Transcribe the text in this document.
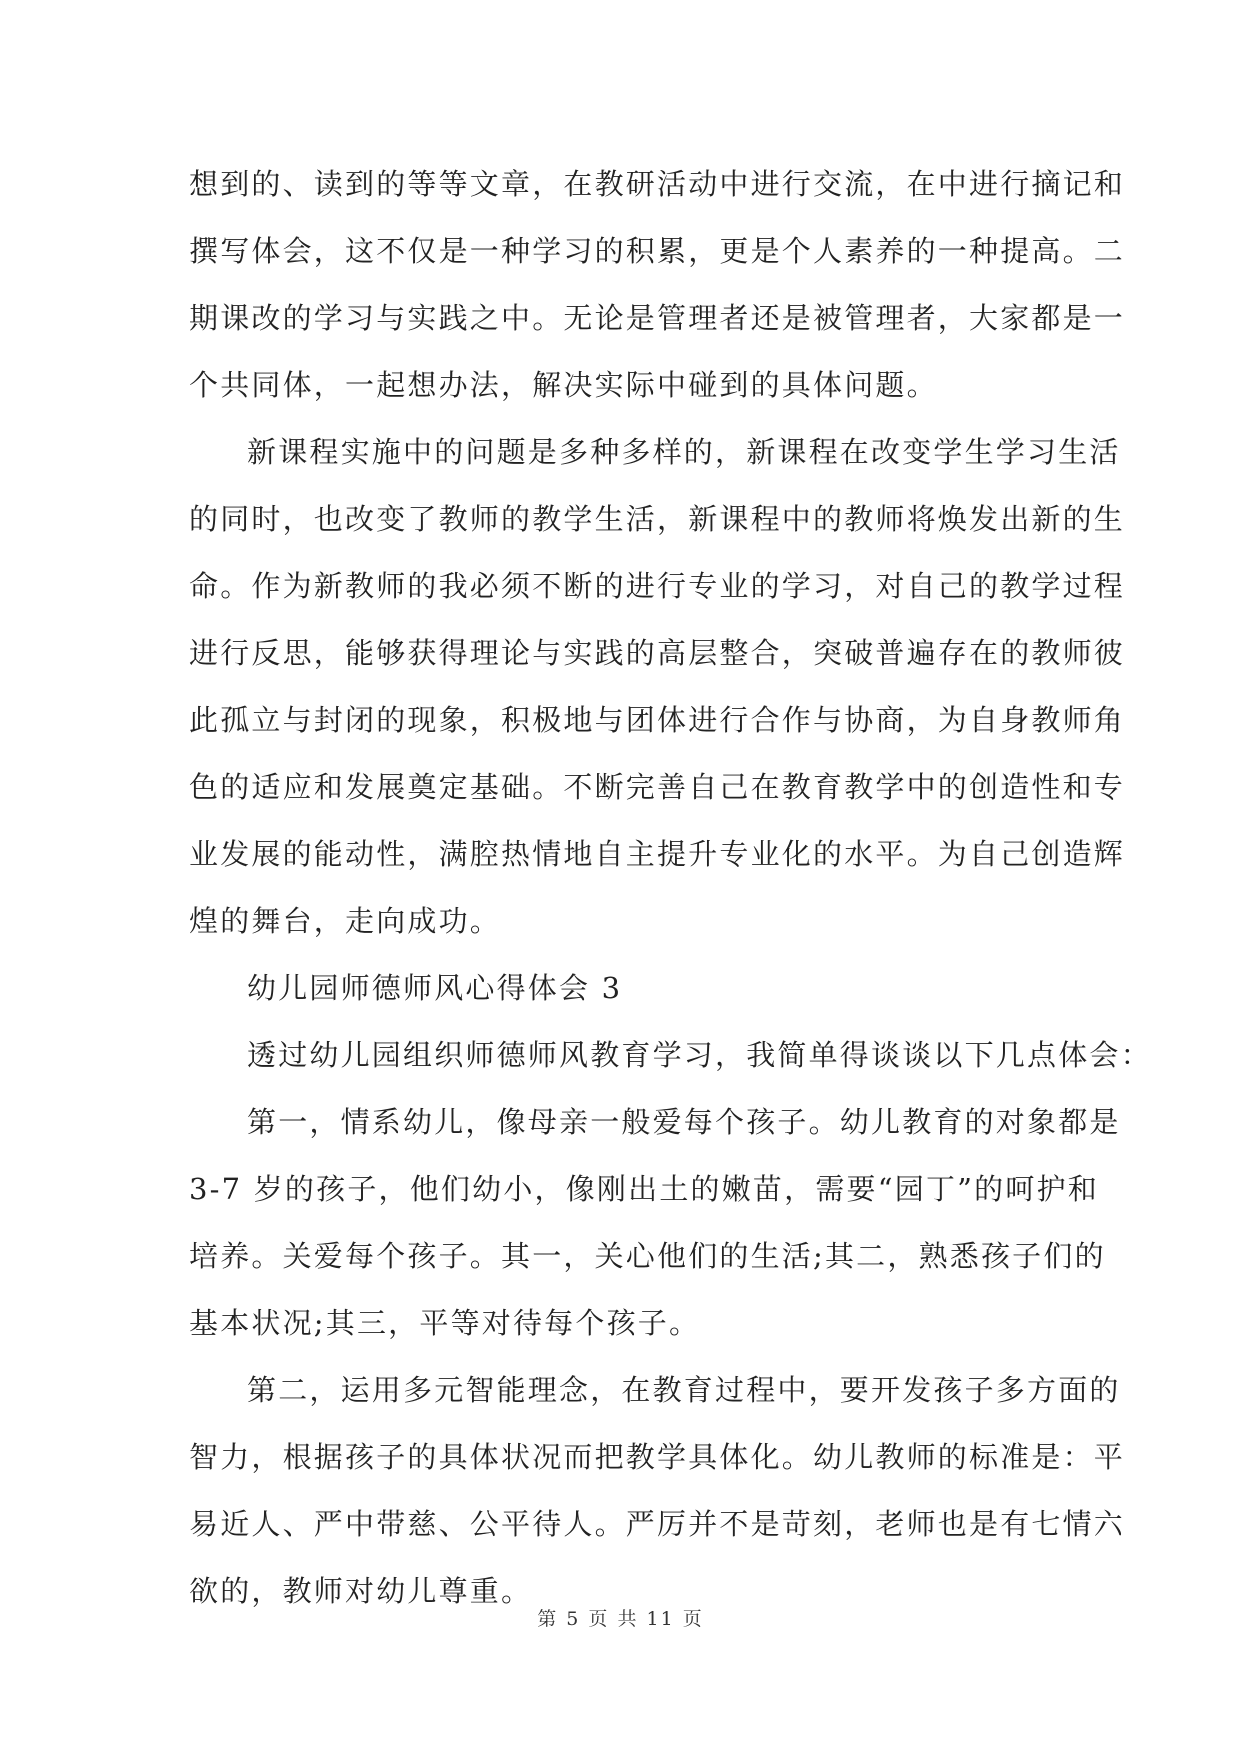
想到的、读到的等等文章，在教研活动中进行交流，在中进行摘记和
撰写体会，这不仅是一种学习的积累，更是个人素养的一种提高。二
期课改的学习与实践之中。无论是管理者还是被管理者，大家都是一
个共同体，一起想办法，解决实际中碰到的具体问题。
新课程实施中的问题是多种多样的，新课程在改变学生学习生活
的同时，也改变了教师的教学生活，新课程中的教师将焕发出新的生
命。作为新教师的我必须不断的进行专业的学习，对自己的教学过程
进行反思，能够获得理论与实践的高层整合，突破普遍存在的教师彼
此孤立与封闭的现象，积极地与团体进行合作与协商，为自身教师角
色的适应和发展奠定基础。不断完善自己在教育教学中的创造性和专
业发展的能动性，满腔热情地自主提升专业化的水平。为自己创造辉
煌的舞台，走向成功。
幼儿园师德师风心得体会 3
透过幼儿园组织师德师风教育学习，我简单得谈谈以下几点体会：
第一，情系幼儿，像母亲一般爱每个孩子。幼儿教育的对象都是
3-7 岁的孩子，他们幼小，像刚出土的嫩苗，需要“园丁”的呵护和
培养。关爱每个孩子。其一，关心他们的生活;其二，熟悉孩子们的
基本状况;其三，平等对待每个孩子。
第二，运用多元智能理念，在教育过程中，要开发孩子多方面的
智力，根据孩子的具体状况而把教学具体化。幼儿教师的标准是：平
易近人、严中带慈、公平待人。严厉并不是苛刻，老师也是有七情六
欲的，教师对幼儿尊重。
第 5 页 共 11 页
